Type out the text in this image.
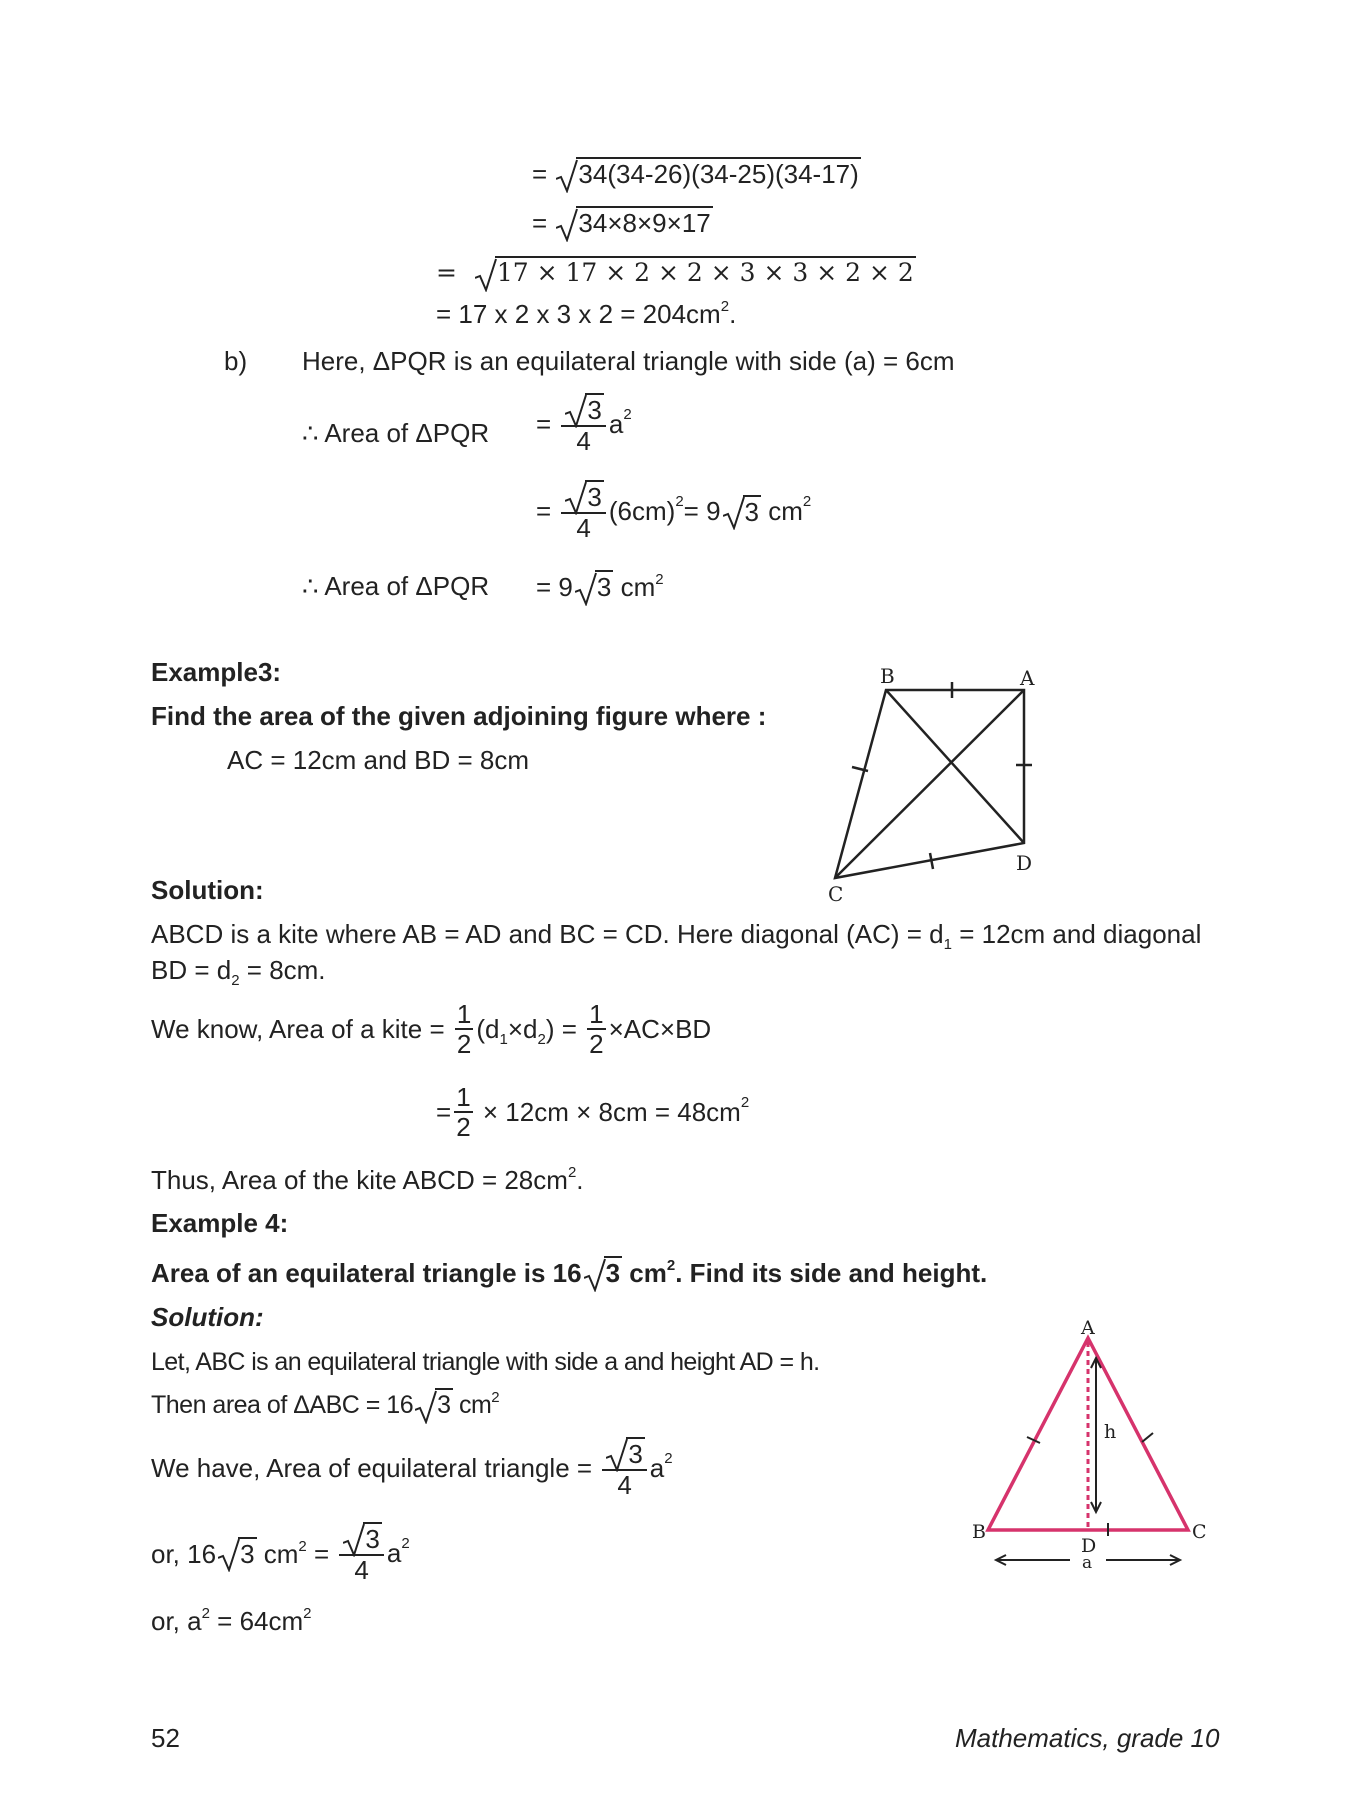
= 34(34-26)(34-25)(34-17)
= 34×8×9×17
= 17 × 17 × 2 × 2 × 3 × 3 × 2 × 2
= 17 x 2 x 3 x $2 = 204cm^2$.
b) Here, ΔPQR is an equilateral triangle with side (a) = 6cm
∴ Area of $\Delta PQR = \frac{3}{4} a^2$
= $\frac{3}{4} (6cm)^2= 9$ 3 $cm^2$
∴ Area of ΔPQR = 9 3 $cm^2$
Example3:
Find the area of the given adjoining figure where :
AC = 12cm and BD = 8cm
B	A
D
C
Solution:
ABCD is a kite where AB = AD and BC = CD. Here diagonal $(AC) = d_1 = 12cm$ and diagonal
BD = $d_2 = 8cm$.
We know, Area of a kite = $\frac{1}{2} (d_1\times d_2) = \frac{1}{2} \times AC\times BD$
= $\frac{1}{2} \times 12cm \times 8cm = 48cm^2$
Thus, Area of the kite ABCD = $28cm^2$.
Example 4:
Area of an equilateral triangle is 16 3 $cm^2$. Find its side and height.
Solution:
Let, ABC is an equilateral triangle with side a and height AD = h.
Then area of ΔABC = 16 3 $cm^2$
We have, Area of equilateral triangle = $\frac{3}{4} a^2$
or, 16 3 $cm^2 = \frac{3}{4} a^2$
or, $a^2 = 64cm^2$
A
B	C
D
h
a
52	Mathematics, grade 10
